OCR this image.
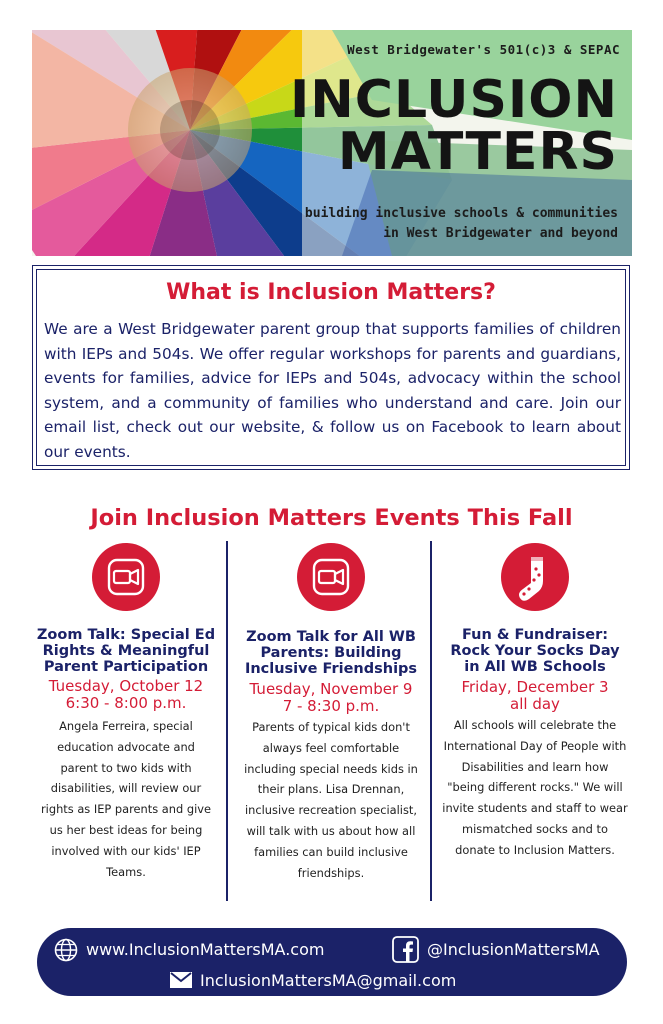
West Bridgewater's 501(c)3 & SEPAC
INCLUSION
MATTERS
building inclusive schools & communities
in West Bridgewater and beyond
What is Inclusion Matters?
We are a West Bridgewater parent group that supports families of children with IEPs and 504s. We offer regular workshops for parents and guardians, events for families, advice for IEPs and 504s, advocacy within the school system, and a community of families who understand and care. Join our email list, check out our website, & follow us on Facebook to learn about our events.
Join Inclusion Matters Events This Fall
Zoom Talk: Special Ed Rights & Meaningful Parent Participation
Tuesday, October 12
6:30 - 8:00 p.m.
Angela Ferreira, special education advocate and parent to two kids with disabilities, will review our rights as IEP parents and give us her best ideas for being involved with our kids' IEP Teams.
Zoom Talk for All WB Parents: Building Inclusive Friendships
Tuesday, November 9
7 - 8:30 p.m.
Parents of typical kids don't always feel comfortable including special needs kids in their plans. Lisa Drennan, inclusive recreation specialist, will talk with us about how all families can build inclusive friendships.
Fun & Fundraiser: Rock Your Socks Day in All WB Schools
Friday, December 3
all day
All schools will celebrate the International Day of People with Disabilities and learn how "being different rocks." We will invite students and staff to wear mismatched socks and to donate to Inclusion Matters.
www.InclusionMattersMA.com	@InclusionMattersMA
InclusionMattersMA@gmail.com
